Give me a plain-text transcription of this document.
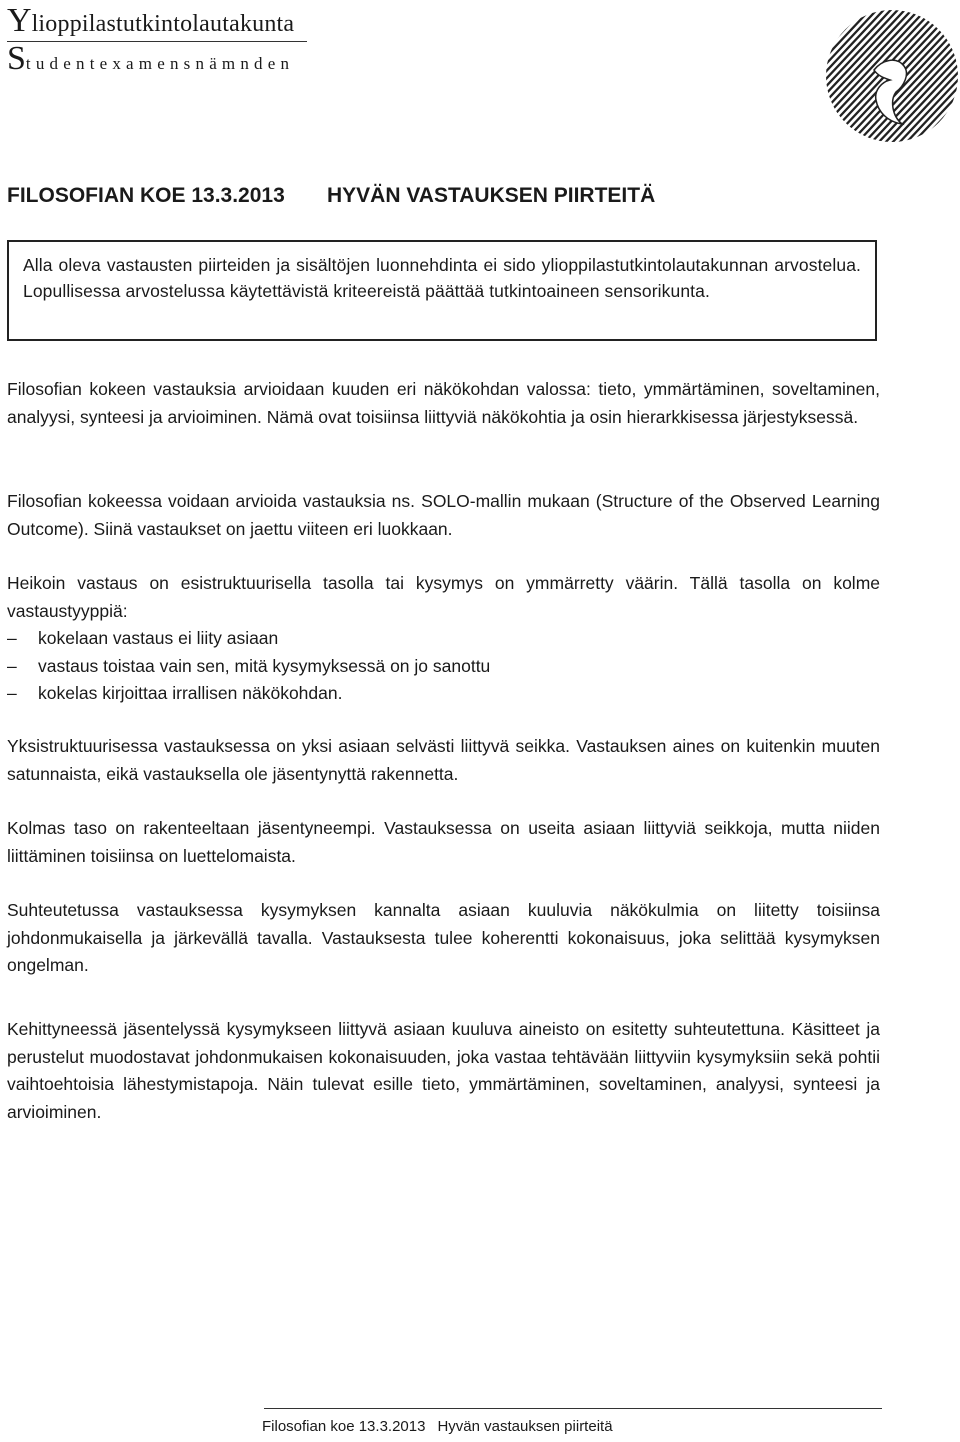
Ylioppilastutkintolautakunta
Studentexamensnämnden
FILOSOFIAN KOE 13.3.2013 HYVÄN VASTAUKSEN PIIRTEITÄ
Alla oleva vastausten piirteiden ja sisältöjen luonnehdinta ei sido ylioppilastutkintolautakunnan arvostelua. Lopullisessa arvostelussa käytettävistä kriteereistä päättää tutkintoaineen sensorikunta.
Filosofian kokeen vastauksia arvioidaan kuuden eri näkökohdan valossa: tieto, ymmärtäminen, soveltaminen, analyysi, synteesi ja arvioiminen. Nämä ovat toisiinsa liittyviä näkökohtia ja osin hierarkkisessa järjestyksessä.
Filosofian kokeessa voidaan arvioida vastauksia ns. SOLO-mallin mukaan (Structure of the Observed Learning Outcome). Siinä vastaukset on jaettu viiteen eri luokkaan.
Heikoin vastaus on esistruktuurisella tasolla tai kysymys on ymmärretty väärin. Tällä tasolla on kolme vastaustyyppiä:
– kokelaan vastaus ei liity asiaan
– vastaus toistaa vain sen, mitä kysymyksessä on jo sanottu
– kokelas kirjoittaa irrallisen näkökohdan.
Yksistruktuurisessa vastauksessa on yksi asiaan selvästi liittyvä seikka. Vastauksen aines on kuitenkin muuten satunnaista, eikä vastauksella ole jäsentynyttä rakennetta.
Kolmas taso on rakenteeltaan jäsentyneempi. Vastauksessa on useita asiaan liittyviä seikkoja, mutta niiden liittäminen toisiinsa on luettelomaista.
Suhteutetussa vastauksessa kysymyksen kannalta asiaan kuuluvia näkökulmia on liitetty toisiinsa johdonmukaisella ja järkevällä tavalla. Vastauksesta tulee koherentti kokonaisuus, joka selittää kysymyksen ongelman.
Kehittyneessä jäsentelyssä kysymykseen liittyvä asiaan kuuluva aineisto on esitetty suhteutettuna. Käsitteet ja perustelut muodostavat johdonmukaisen kokonaisuuden, joka vastaa tehtävään liittyviin kysymyksiin sekä pohtii vaihtoehtoisia lähestymistapoja. Näin tulevat esille tieto, ymmärtäminen, soveltaminen, analyysi, synteesi ja arvioiminen.
Filosofian koe 13.3.2013 Hyvän vastauksen piirteitä
